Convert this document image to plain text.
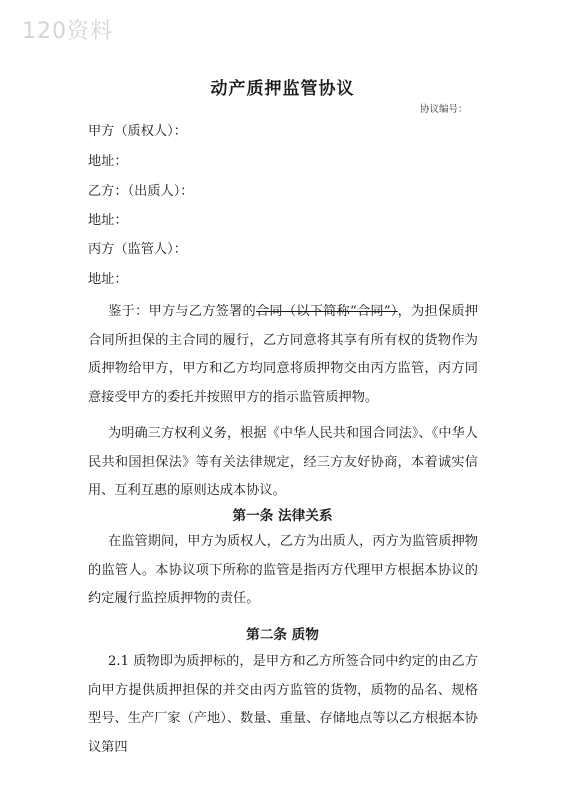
120资料
动产质押监管协议
协议编号：
甲方（质权人）：
地址：
乙方：（出质人）：
地址：
丙方（监管人）：
地址：

鉴于：甲方与乙方签署的合同（以下简称“合同”），为担保质押合同所担保的主合同的履行，乙方同意将其享有所有权的货物作为质押物给甲方，甲方和乙方均同意将质押物交由丙方监管，丙方同意接受甲方的委托并按照甲方的指示监管质押物。

为明确三方权利义务，根据《中华人民共和国合同法》、《中华人民共和国担保法》等有关法律规定，经三方友好协商，本着诚实信用、互利互惠的原则达成本协议。

第一条 法律关系

在监管期间，甲方为质权人，乙方为出质人，丙方为监管质押物的监管人。本协议项下所称的监管是指丙方代理甲方根据本协议的约定履行监控质押物的责任。

第二条 质物

2.1 质物即为质押标的，是甲方和乙方所签合同中约定的由乙方向甲方提供质押担保的并交由丙方监管的货物，质物的品名、规格型号、生产厂家（产地）、数量、重量、存储地点等以乙方根据本协议第四
